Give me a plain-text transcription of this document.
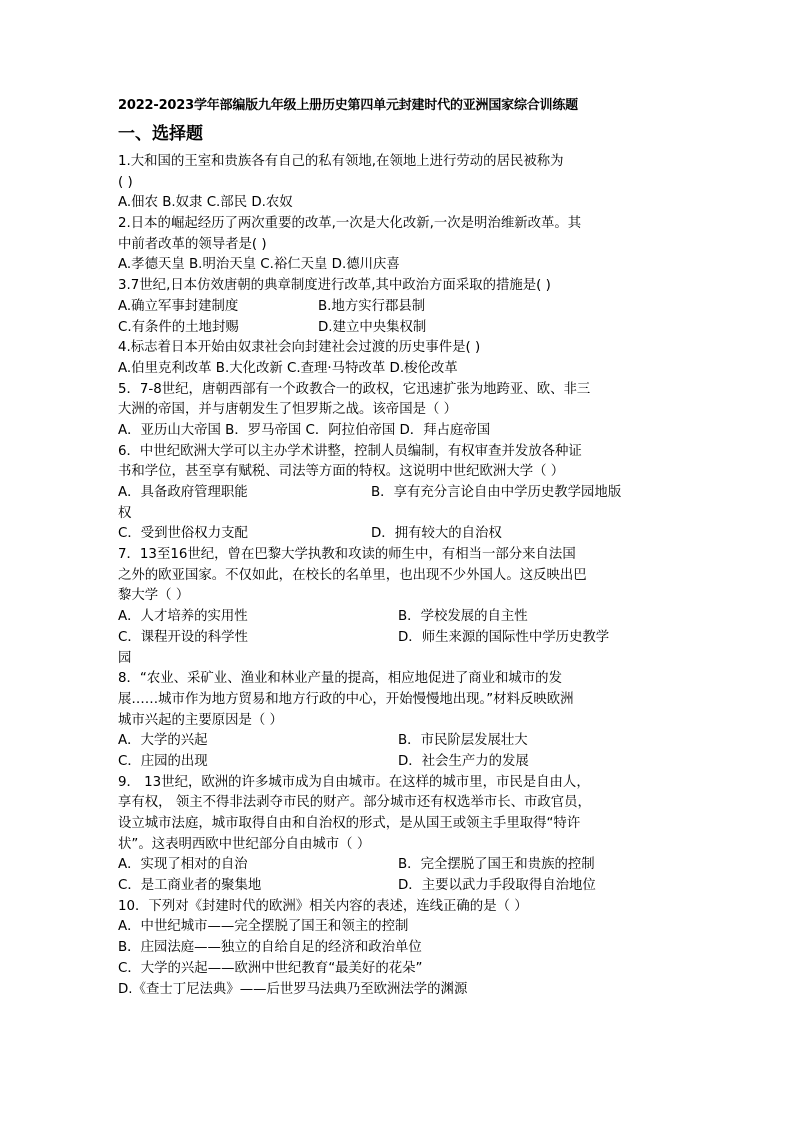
2022-2023学年部编版九年级上册历史第四单元封建时代的亚洲国家综合训练题
一、选择题
1.大和国的王室和贵族各有自己的私有领地,在领地上进行劳动的居民被称为
( )
A.佃农 B.奴隶 C.部民 D.农奴
2.日本的崛起经历了两次重要的改革,一次是大化改新,一次是明治维新改革。其
中前者改革的领导者是( )
A.孝德天皇 B.明治天皇 C.裕仁天皇 D.德川庆喜
3.7世纪,日本仿效唐朝的典章制度进行改革,其中政治方面采取的措施是( )
A.确立军事封建制度	B.地方实行郡县制
C.有条件的土地封赐	D.建立中央集权制
4.标志着日本开始由奴隶社会向封建社会过渡的历史事件是( )
A.伯里克利改革 B.大化改新 C.查理·马特改革 D.梭伦改革
5．7-8世纪，唐朝西部有一个政教合一的政权，它迅速扩张为地跨亚、欧、非三
大洲的帝国，并与唐朝发生了怛罗斯之战。该帝国是（ ）
A．亚历山大帝国 B．罗马帝国 C．阿拉伯帝国 D．拜占庭帝国
6．中世纪欧洲大学可以主办学术讲整，控制人员编制，有权审查并发放各种证
书和学位，甚至享有赋税、司法等方面的特权。这说明中世纪欧洲大学（ ）
A．具备政府管理职能	B．享有充分言论自由中学历史教学园地版
权
C．受到世俗权力支配	D．拥有较大的自治权
7．13至16世纪，曾在巴黎大学执教和攻读的师生中，有相当一部分来自法国
之外的欧亚国家。不仅如此，在校长的名单里，也出现不少外国人。这反映出巴
黎大学（ ）
A．人才培养的实用性	B．学校发展的自主性
C．课程开设的科学性	D．师生来源的国际性中学历史教学
园
8．“农业、采矿业、渔业和林业产量的提高，相应地促进了商业和城市的发
展……城市作为地方贸易和地方行政的中心，开始慢慢地出现。”材料反映欧洲
城市兴起的主要原因是（ ）
A．大学的兴起	B．市民阶层发展壮大
C．庄园的出现	D．社会生产力的发展
9． 13世纪，欧洲的许多城市成为自由城市。在这样的城市里，市民是自由人，
享有权， 领主不得非法剥夺市民的财产。部分城市还有权选举市长、市政官员，
设立城市法庭，城市取得自由和自治权的形式，是从国王或领主手里取得“特许
状”。这表明西欧中世纪部分自由城市（ ）
A．实现了相对的自治	B．完全摆脱了国王和贵族的控制
C．是工商业者的聚集地	D．主要以武力手段取得自治地位
10．下列对《封建时代的欧洲》相关内容的表述，连线正确的是（ ）
A．中世纪城市——完全摆脱了国王和领主的控制
B．庄园法庭——独立的自给自足的经济和政治单位
C．大学的兴起——欧洲中世纪教育“最美好的花朵”
D.《查士丁尼法典》——后世罗马法典乃至欧洲法学的渊源
